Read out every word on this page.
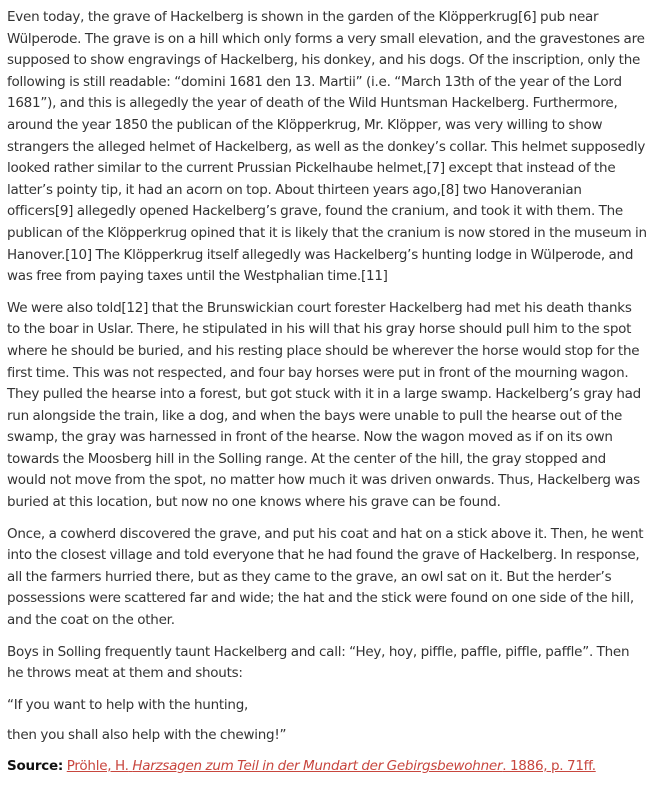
Even today, the grave of Hackelberg is shown in the garden of the Klöpperkrug[6] pub near Wülperode. The grave is on a hill which only forms a very small elevation, and the gravestones are supposed to show engravings of Hackelberg, his donkey, and his dogs. Of the inscription, only the following is still readable: “domini 1681 den 13. Martii” (i.e. “March 13th of the year of the Lord 1681”), and this is allegedly the year of death of the Wild Huntsman Hackelberg. Furthermore, around the year 1850 the publican of the Klöpperkrug, Mr. Klöpper, was very willing to show strangers the alleged helmet of Hackelberg, as well as the donkey’s collar. This helmet supposedly looked rather similar to the current Prussian Pickelhaube helmet,[7] except that instead of the latter’s pointy tip, it had an acorn on top. About thirteen years ago,[8] two Hanoveranian officers[9] allegedly opened Hackelberg’s grave, found the cranium, and took it with them. The publican of the Klöpperkrug opined that it is likely that the cranium is now stored in the museum in Hanover.[10] The Klöpperkrug itself allegedly was Hackelberg’s hunting lodge in Wülperode, and was free from paying taxes until the Westphalian time.[11]

We were also told[12] that the Brunswickian court forester Hackelberg had met his death thanks to the boar in Uslar. There, he stipulated in his will that his gray horse should pull him to the spot where he should be buried, and his resting place should be wherever the horse would stop for the first time. This was not respected, and four bay horses were put in front of the mourning wagon. They pulled the hearse into a forest, but got stuck with it in a large swamp. Hackelberg’s gray had run alongside the train, like a dog, and when the bays were unable to pull the hearse out of the swamp, the gray was harnessed in front of the hearse. Now the wagon moved as if on its own towards the Moosberg hill in the Solling range. At the center of the hill, the gray stopped and would not move from the spot, no matter how much it was driven onwards. Thus, Hackelberg was buried at this location, but now no one knows where his grave can be found.

Once, a cowherd discovered the grave, and put his coat and hat on a stick above it. Then, he went into the closest village and told everyone that he had found the grave of Hackelberg. In response, all the farmers hurried there, but as they came to the grave, an owl sat on it. But the herder’s possessions were scattered far and wide; the hat and the stick were found on one side of the hill, and the coat on the other.

Boys in Solling frequently taunt Hackelberg and call: “Hey, hoy, piffle, paffle, piffle, paffle”. Then he throws meat at them and shouts:

“If you want to help with the hunting,

then you shall also help with the chewing!”

Source: Pröhle, H. Harzsagen zum Teil in der Mundart der Gebirgsbewohner. 1886, p. 71ff.
